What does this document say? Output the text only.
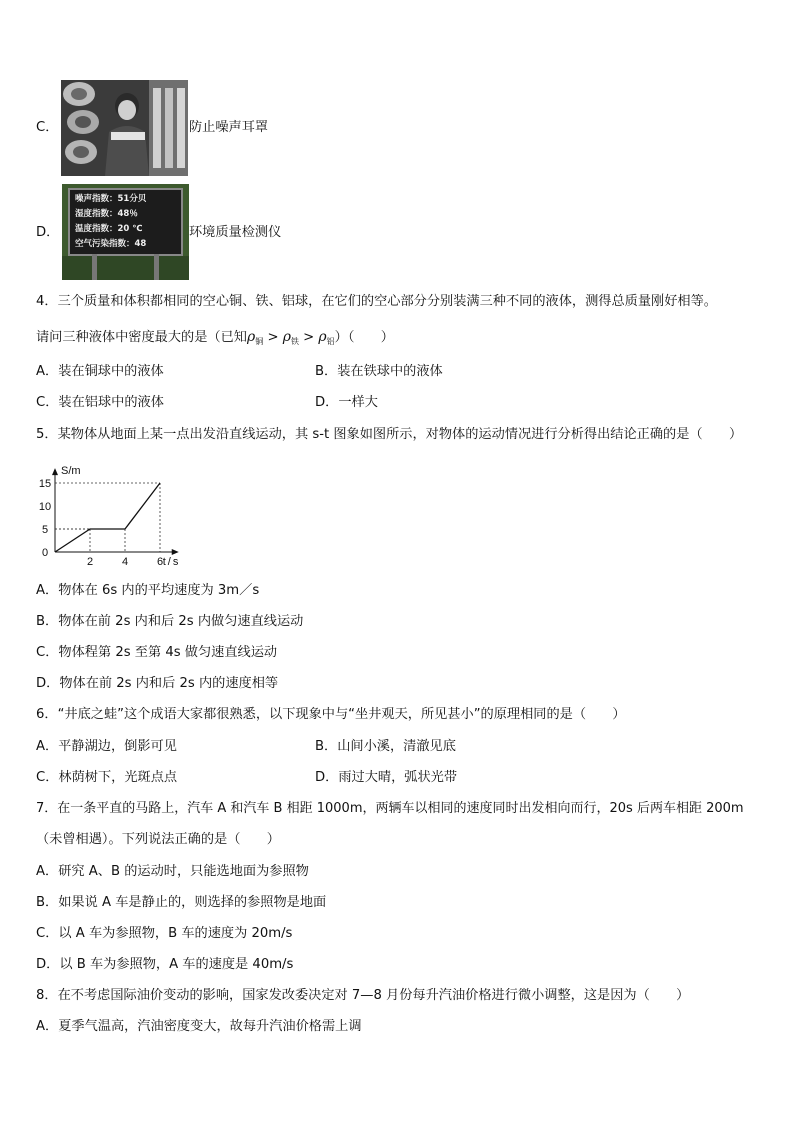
C．	防止噪声耳罩
D．
噪声指数：51分贝
湿度指数：48％
温度指数：20 ℃
空气污染指数：48
环境质量检测仪
4．三个质量和体积都相同的空心铜、铁、铝球，在它们的空心部分分别装满三种不同的液体，测得总质量刚好相等。
请问三种液体中密度最大的是（已知$\rho_铜 > \rho_铁 > \rho_铝$）（　　）
A．装在铜球中的液体	B．装在铁球中的液体
C．装在铝球中的液体	D．一样大
5．某物体从地面上某一点出发沿直线运动，其 s-t 图象如图所示，对物体的运动情况进行分析得出结论正确的是（　　）
S/m
t/s
2	4	6
0
5
10
15
A．物体在 6s 内的平均速度为 3m／s
B．物体在前 2s 内和后 2s 内做匀速直线运动
C．物体程第 2s 至第 4s 做匀速直线运动
D．物体在前 2s 内和后 2s 内的速度相等
6．“井底之蛙”这个成语大家都很熟悉，以下现象中与“坐井观天，所见甚小”的原理相同的是（　　）
A．平静湖边，倒影可见	B．山间小溪，清澈见底
C．林荫树下，光斑点点	D．雨过大晴，弧状光带
7．在一条平直的马路上，汽车 A 和汽车 B 相距 1000m，两辆车以相同的速度同时出发相向而行，20s 后两车相距 200m
（未曾相遇）。下列说法正确的是（　　）
A．研究 A、B 的运动时，只能选地面为参照物
B．如果说 A 车是静止的，则选择的参照物是地面
C．以 A 车为参照物，B 车的速度为 20m/s
D．以 B 车为参照物，A 车的速度是 40m/s
8．在不考虑国际油价变动的影响，国家发改委决定对 7—8 月份每升汽油价格进行微小调整，这是因为（　　）
A．夏季气温高，汽油密度变大，故每升汽油价格需上调
